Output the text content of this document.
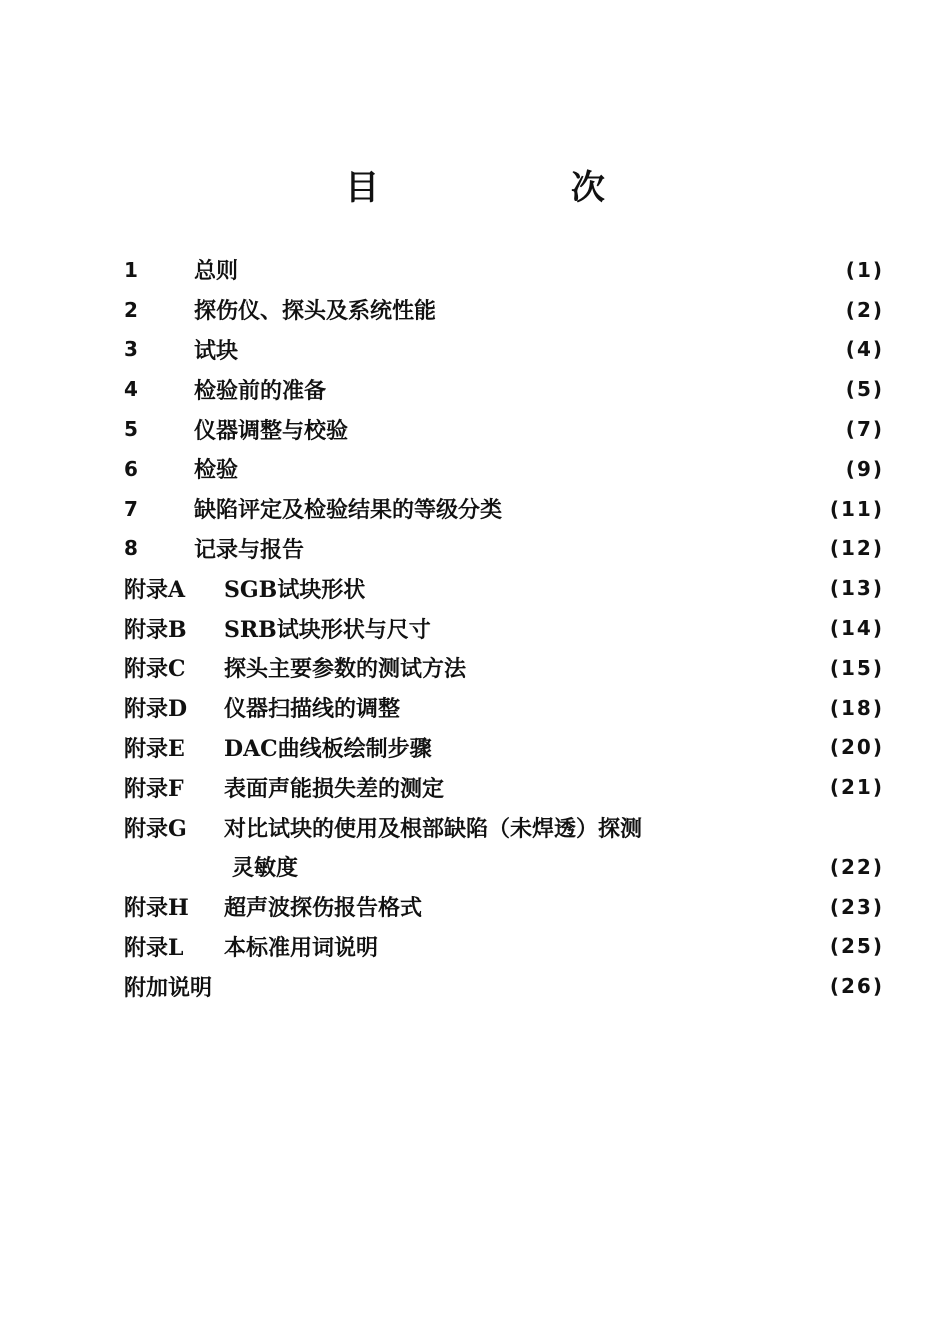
目 次
1	总则	(1)
2	探伤仪、探头及系统性能	(2)
3	试块	(4)
4	检验前的准备	(5)
5	仪器调整与校验	(7)
6	检验	(9)
7	缺陷评定及检验结果的等级分类	(11)
8	记录与报告	(12)
附录A	SGB试块形状	(13)
附录B	SRB试块形状与尺寸	(14)
附录C	探头主要参数的测试方法	(15)
附录D	仪器扫描线的调整	(18)
附录E	DAC曲线板绘制步骤	(20)
附录F	表面声能损失差的测定	(21)
附录G	对比试块的使用及根部缺陷（未焊透）探测
灵敏度	(22)
附录H	超声波探伤报告格式	(23)
附录L	本标准用词说明	(25)
附加说明	(26)
